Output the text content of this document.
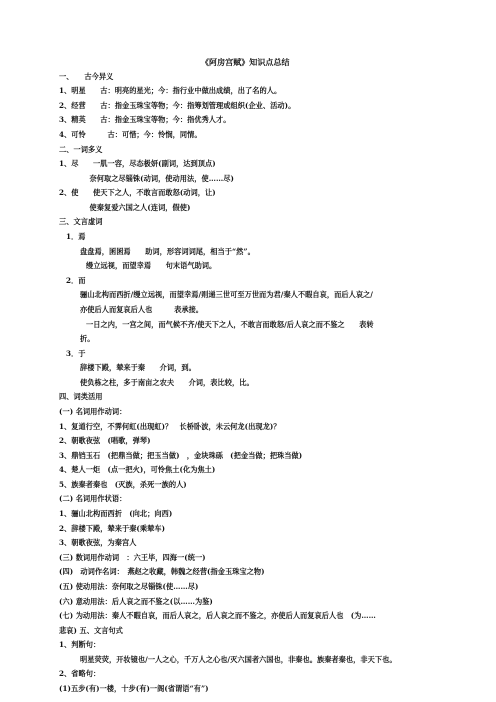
《阿房宫赋》知识点总结
一、　　古今异义
1、明星　　古：明亮的星光；今：指行业中做出成绩，出了名的人。
2、经营　　古：指金玉珠宝等物；今：指筹划管理或组织(企业、活动)。
3、精英　　古：指金玉珠宝等物；今：指优秀人才。
4、可怜　　　古：可惜；今：怜悯，同情。
二、一词多义
1、尽　　一肌一容，尽态极妍(副词，达到顶点)
　　奈何取之尽锱铢(动词，使动用法，使……尽)
2、使　　使天下之人，不敢言而敢怒(动词，让)
　　使秦复爱六国之人(连词，假使)
三、文言虚词
1．焉
盘盘焉，囷囷焉　　助词，形容词词尾，相当于“然”。
缦立远视，而望幸焉　　句末语气助词。
2．而
骊山北构而西折/缦立远视，而望幸焉/则递三世可至万世而为君/秦人不暇自哀，而后人哀之/
亦使后人而复哀后人也　　　表承接。
一日之内，一宫之间，而气候不齐/使天下之人，不敢言而敢怒/后人哀之而不鉴之　　表转
折。
3．于
辞楼下殿，辇来于秦　　介词，到。
使负栋之柱，多于南亩之农夫　　介词，表比较，比。
四、词类活用
(一) 名词用作动词：
1、复道行空，不霁何虹(出现虹)？　长桥卧波，未云何龙(出现龙)？
2、朝歌夜弦　(唱歌，弹琴)
3、鼎铛玉石　(把鼎当做；把玉当做)　，金块珠砾　(把金当做；把珠当做)
4、楚人一炬　(点一把火)，可怜焦土(化为焦土)
5、族秦者秦也　(灭族，杀死一族的人)
(二) 名词用作状语：
1、骊山北构而西折　(向北；向西)
2、辞楼下殿，辇来于秦(乘辇车)
3、朝歌夜弦，为秦宫人
(三) 数词用作动词　：六王毕，四海一(统一)
(四)　动词作名词：　燕赵之收藏，韩魏之经营(指金玉珠宝之物)
(五) 使动用法：奈何取之尽锱铢(使……尽)
(六) 意动用法：后人哀之而不鉴之(以……为鉴)
(七) 为动用法：秦人不暇自哀，而后人哀之，后人哀之而不鉴之，亦使后人而复哀后人也　(为……
悲哀) 五、文言句式
1、判断句：
明星荧荧，开妆镜也/一人之心，千万人之心也/灭六国者六国也，非秦也。族秦者秦也，非天下也。
2、省略句：
(1)五步(有)一楼，十步(有)一阁(省谓语“有”)
